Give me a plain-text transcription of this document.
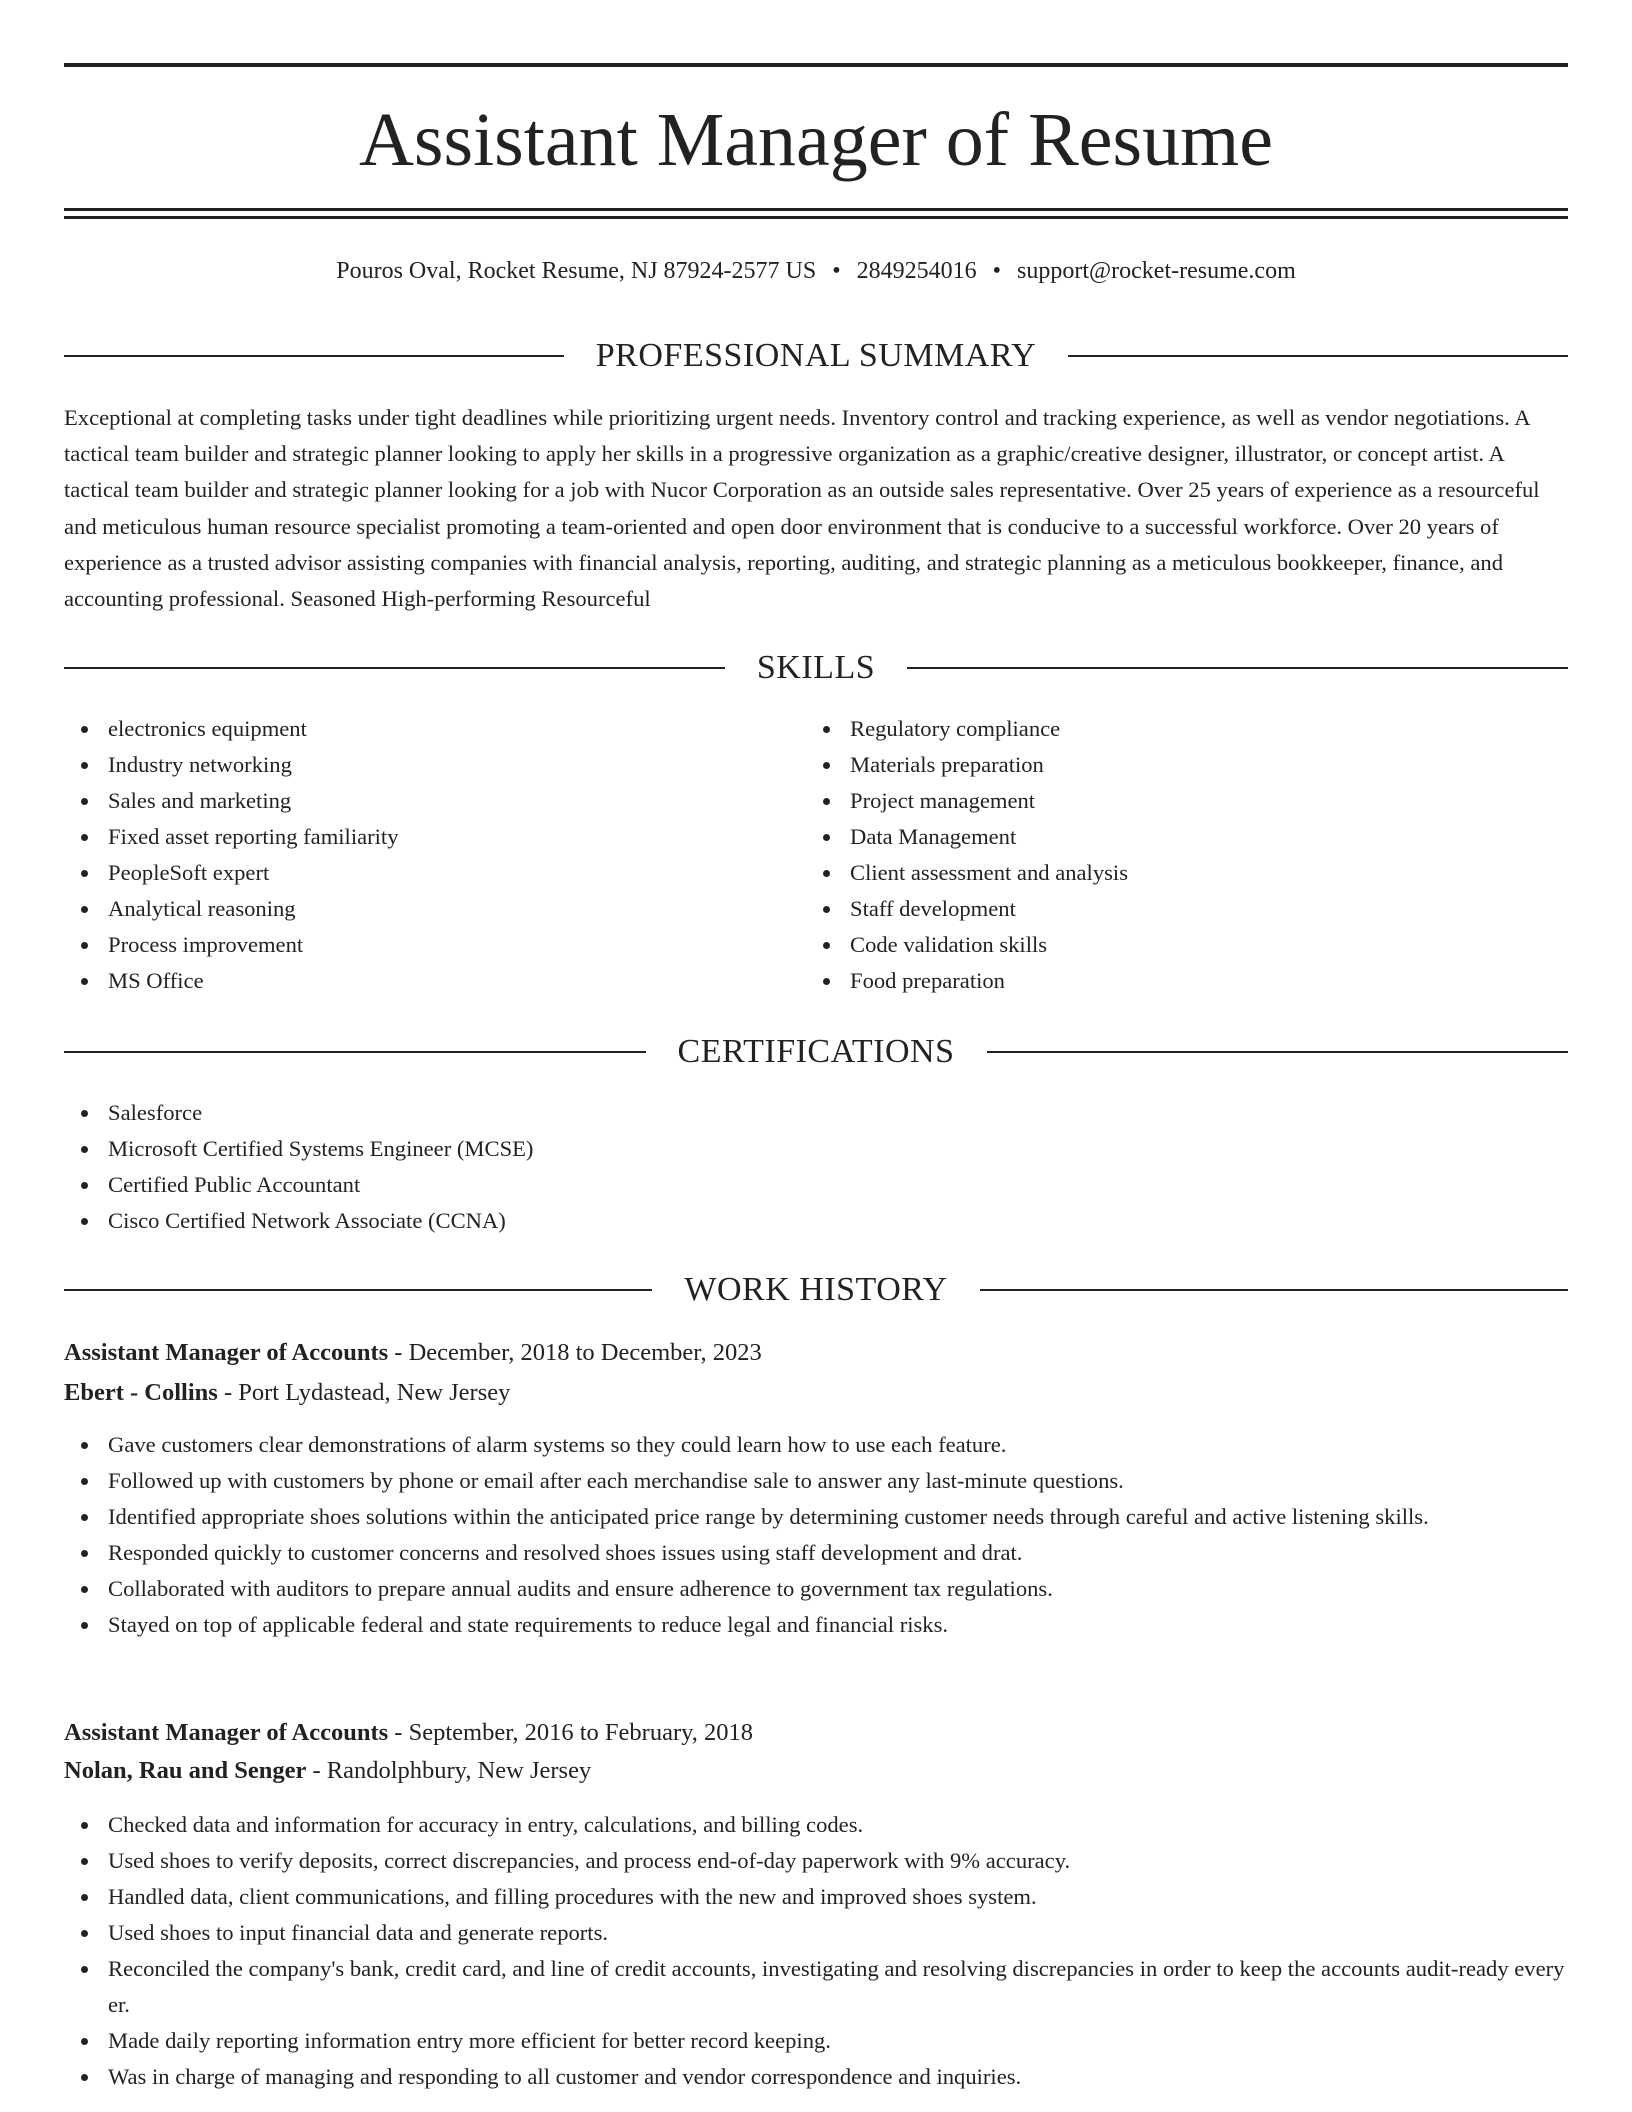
Assistant Manager of Resume
Pouros Oval, Rocket Resume, NJ 87924-2577 US • 2849254016 • support@rocket-resume.com
PROFESSIONAL SUMMARY

Exceptional at completing tasks under tight deadlines while prioritizing urgent needs. Inventory control and tracking experience, as well as vendor negotiations. A tactical team builder and strategic planner looking to apply her skills in a progressive organization as a graphic/creative designer, illustrator, or concept artist. A tactical team builder and strategic planner looking for a job with Nucor Corporation as an outside sales representative. Over 25 years of experience as a resourceful and meticulous human resource specialist promoting a team-oriented and open door environment that is conducive to a successful workforce. Over 20 years of experience as a trusted advisor assisting companies with financial analysis, reporting, auditing, and strategic planning as a meticulous bookkeeper, finance, and accounting professional. Seasoned High-performing Resourceful

SKILLS
electronics equipment
Industry networking
Sales and marketing
Fixed asset reporting familiarity
PeopleSoft expert
Analytical reasoning
Process improvement
MS Office
Regulatory compliance
Materials preparation
Project management
Data Management
Client assessment and analysis
Staff development
Code validation skills
Food preparation
CERTIFICATIONS
Salesforce
Microsoft Certified Systems Engineer (MCSE)
Certified Public Accountant
Cisco Certified Network Associate (CCNA)
WORK HISTORY
Assistant Manager of Accounts - December, 2018 to December, 2023
Ebert - Collins - Port Lydastead, New Jersey
Gave customers clear demonstrations of alarm systems so they could learn how to use each feature.
Followed up with customers by phone or email after each merchandise sale to answer any last-minute questions.
Identified appropriate shoes solutions within the anticipated price range by determining customer needs through careful and active listening skills.
Responded quickly to customer concerns and resolved shoes issues using staff development and drat.
Collaborated with auditors to prepare annual audits and ensure adherence to government tax regulations.
Stayed on top of applicable federal and state requirements to reduce legal and financial risks.
Assistant Manager of Accounts - September, 2016 to February, 2018
Nolan, Rau and Senger - Randolphbury, New Jersey
Checked data and information for accuracy in entry, calculations, and billing codes.
Used shoes to verify deposits, correct discrepancies, and process end-of-day paperwork with 9% accuracy.
Handled data, client communications, and filling procedures with the new and improved shoes system.
Used shoes to input financial data and generate reports.
Reconciled the company's bank, credit card, and line of credit accounts, investigating and resolving discrepancies in order to keep the accounts audit-ready every er.
Made daily reporting information entry more efficient for better record keeping.
Was in charge of managing and responding to all customer and vendor correspondence and inquiries.
